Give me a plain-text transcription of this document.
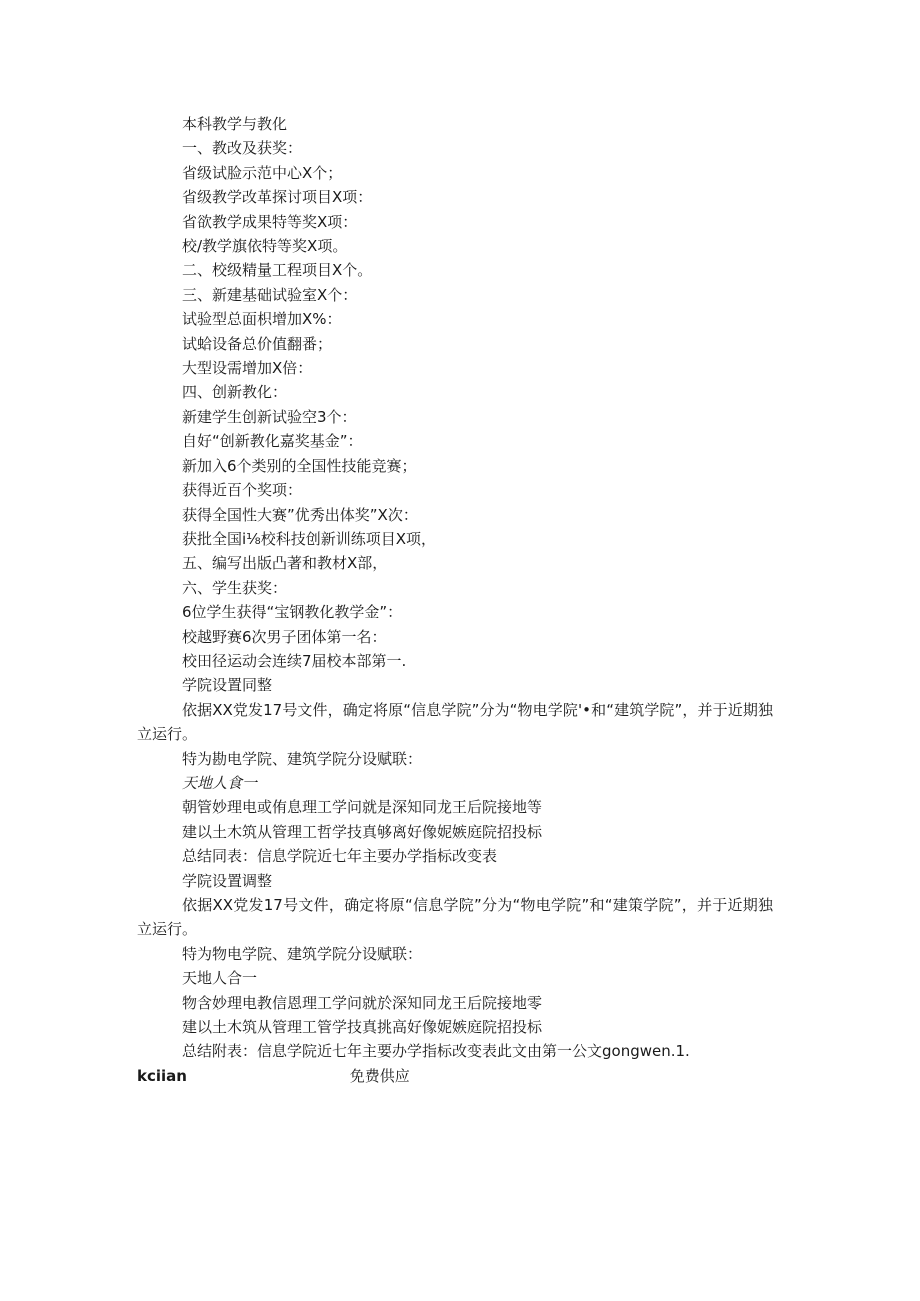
本科教学与教化
一、教改及获奖：
省级试脸示范中心X个；
省级教学改革探讨项目X项：
省欲教学成果特等奖X项：
校/教学旗依特等奖X项。
二、校级精量工程项目X个。
三、新建基础试验室X个：
试验型总面枳增加X%：
试蛤设备总价值翻番；
大型设需增加X倍：
四、创新教化：
新建学生创新试验空3个：
自好“创新教化嘉奖基金”：
新加入6个类别的全国性技能竞赛；
获得近百个奖项：
获得全国性大赛”优秀出体奖”X次：
获批全国i⅛校科技创新训练项目X项，
五、编写出版凸著和教材X部，
六、学生获奖：
6位学生获得“宝钢教化教学金”：
校越野赛6次男子团体第一名：
校田径运动会连续7届校本部第一.
学院设置同整
依据XX党发17号文件，确定将原“信息学院”分为“物电学院'•和“建筑学院”，并于近期独立运行。
特为勘电学院、建筑学院分设赋联：
天地人食一
朝管妙理电或侑息理工学问就是深知同龙王后院接地等
建以土木筑从管理工哲学技真够离好像妮嫉庭院招投标
总结同表：信息学院近七年主要办学指标改变表
学院设置调整
依据XX党发17号文件，确定将原“信息学院”分为“物电学院”和“建策学院”，并于近期独立运行。
特为物电学院、建筑学院分设赋联：
天地人合一
物含妙理电教信恩理工学问就於深知同龙王后院接地零
建以土木筑从管理工管学技真挑高好像妮嫉庭院招投标
总结附表：信息学院近七年主要办学指标改变表此文由第一公文gongwen.1.
kciian	免费供应
